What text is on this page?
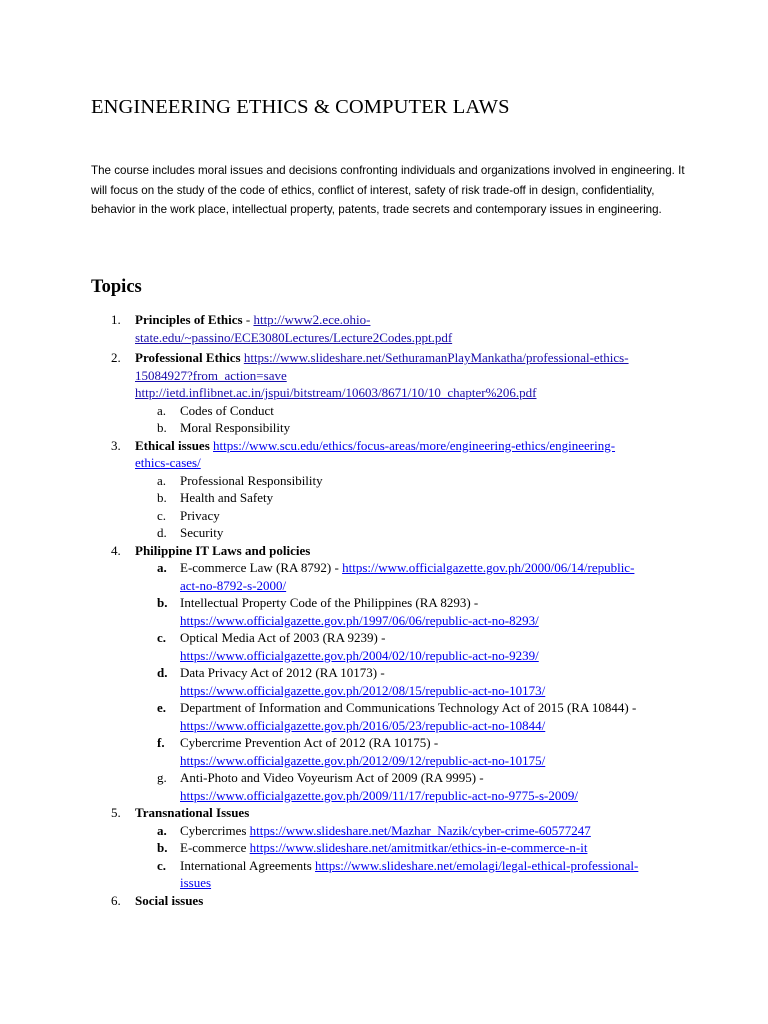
ENGINEERING ETHICS & COMPUTER LAWS

The course includes moral issues and decisions confronting individuals and organizations involved in engineering. It will focus on the study of the code of ethics, conflict of interest, safety of risk trade-off in design, confidentiality, behavior in the work place, intellectual property, patents, trade secrets and contemporary issues in engineering.

Topics
1.	Principles of Ethics - http://www2.ece.ohio-
state.edu/~passino/ECE3080Lectures/Lecture2Codes.ppt.pdf
2.	Professional Ethics https://www.slideshare.net/SethuramanPlayMankatha/professional-ethics-
15084927?from_action=save
http://ietd.inflibnet.ac.in/jspui/bitstream/10603/8671/10/10_chapter%206.pdf
a.	Codes of Conduct
b.	Moral Responsibility
3.	Ethical issues https://www.scu.edu/ethics/focus-areas/more/engineering-ethics/engineering-
ethics-cases/
a.	Professional Responsibility
b.	Health and Safety
c.	Privacy
d.	Security
4.	Philippine IT Laws and policies
a.	E-commerce Law (RA 8792) - https://www.officialgazette.gov.ph/2000/06/14/republic-
act-no-8792-s-2000/
b. Intellectual Property Code of the Philippines (RA 8293) -
https://www.officialgazette.gov.ph/1997/06/06/republic-act-no-8293/
c.	Optical Media Act of 2003 (RA 9239) -
https://www.officialgazette.gov.ph/2004/02/10/republic-act-no-9239/
d. Data Privacy Act of 2012 (RA 10173) -
https://www.officialgazette.gov.ph/2012/08/15/republic-act-no-10173/
e.	Department of Information and Communications Technology Act of 2015 (RA 10844) -
https://www.officialgazette.gov.ph/2016/05/23/republic-act-no-10844/
f.	Cybercrime Prevention Act of 2012 (RA 10175) -
https://www.officialgazette.gov.ph/2012/09/12/republic-act-no-10175/
g.	Anti-Photo and Video Voyeurism Act of 2009 (RA 9995) -
https://www.officialgazette.gov.ph/2009/11/17/republic-act-no-9775-s-2009/
5.	Transnational Issues
a.	Cybercrimes https://www.slideshare.net/Mazhar_Nazik/cyber-crime-60577247
b. E-commerce https://www.slideshare.net/amitmitkar/ethics-in-e-commerce-n-it
c.	International Agreements https://www.slideshare.net/emolagi/legal-ethical-professional-
issues
6.	Social issues
